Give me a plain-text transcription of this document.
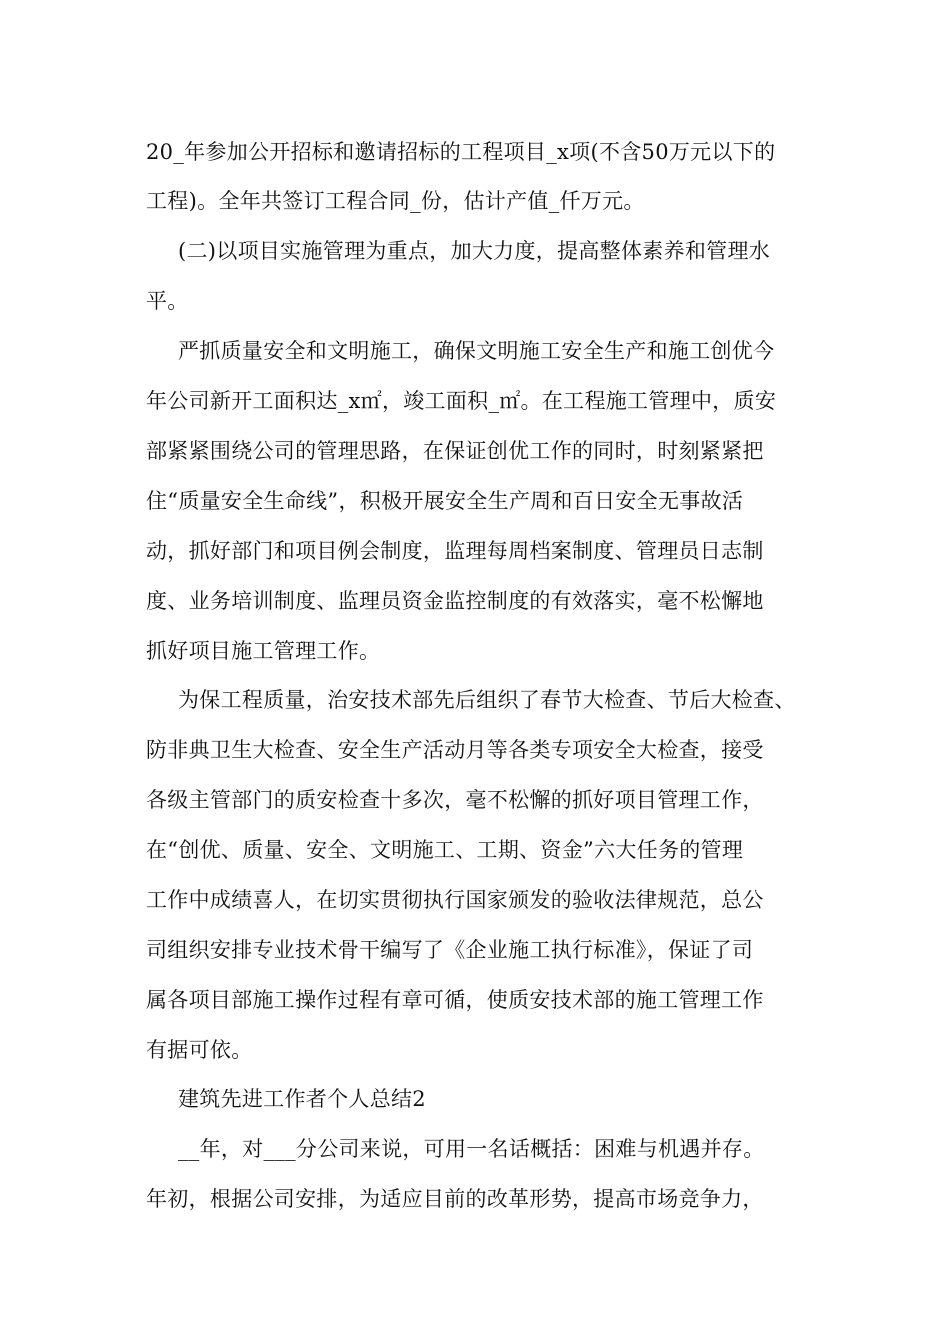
20_年参加公开招标和邀请招标的工程项目_x项(不含50万元以下的
工程)。全年共签订工程合同_份，估计产值_仟万元。
(二)以项目实施管理为重点，加大力度，提高整体素养和管理水
平。
严抓质量安全和文明施工，确保文明施工安全生产和施工创优今
年公司新开工面积达_x㎡，竣工面积_㎡。在工程施工管理中，质安
部紧紧围绕公司的管理思路，在保证创优工作的同时，时刻紧紧把
住“质量安全生命线”，积极开展安全生产周和百日安全无事故活
动，抓好部门和项目例会制度，监理每周档案制度、管理员日志制
度、业务培训制度、监理员资金监控制度的有效落实，毫不松懈地
抓好项目施工管理工作。
为保工程质量，治安技术部先后组织了春节大检查、节后大检查、
防非典卫生大检查、安全生产活动月等各类专项安全大检查，接受
各级主管部门的质安检查十多次，毫不松懈的抓好项目管理工作，
在“创优、质量、安全、文明施工、工期、资金”六大任务的管理
工作中成绩喜人，在切实贯彻执行国家颁发的验收法律规范，总公
司组织安排专业技术骨干编写了《企业施工执行标准》，保证了司
属各项目部施工操作过程有章可循，使质安技术部的施工管理工作
有据可依。
建筑先进工作者个人总结2
__年，对___分公司来说，可用一名话概括：困难与机遇并存。
年初，根据公司安排，为适应目前的改革形势，提高市场竞争力，
